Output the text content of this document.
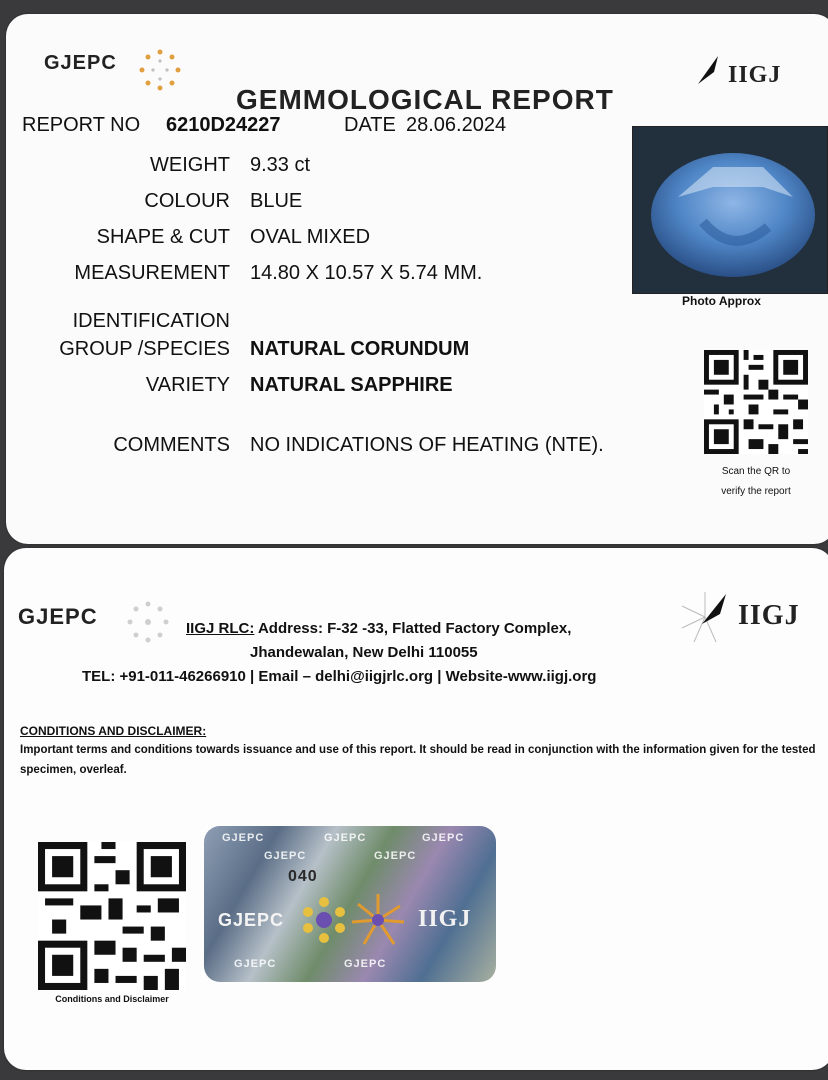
GJEPC	IIGJ
GEMMOLOGICAL REPORT
REPORT NO 6210D24227	DATE 28.06.2024
WEIGHT 9.33 ct
COLOUR BLUE
SHAPE & CUT OVAL MIXED
MEASUREMENT 14.80 X 10.57 X 5.74 MM.
IDENTIFICATION
GROUP /SPECIES NATURAL CORUNDUM
VARIETY NATURAL SAPPHIRE
COMMENTS NO INDICATIONS OF HEATING (NTE).
Photo Approx
Scan the QR to
verify the report
GJEPC	IIGJ
IIGJ RLC: Address: F-32 -33, Flatted Factory Complex,
Jhandewalan, New Delhi 110055
TEL: +91-011-46266910 | Email – delhi@iigjrlc.org | Website-www.iigj.org
CONDITIONS AND DISCLAIMER:
Important terms and conditions towards issuance and use of this report. It should be read in conjunction with the information given for the tested specimen, overleaf.
Conditions and Disclaimer
GJEPC	GJEPC	GJEPC
GJEPC	GJEPC
040
GJEPC	IIGJ
GJEPC	GJEPC
